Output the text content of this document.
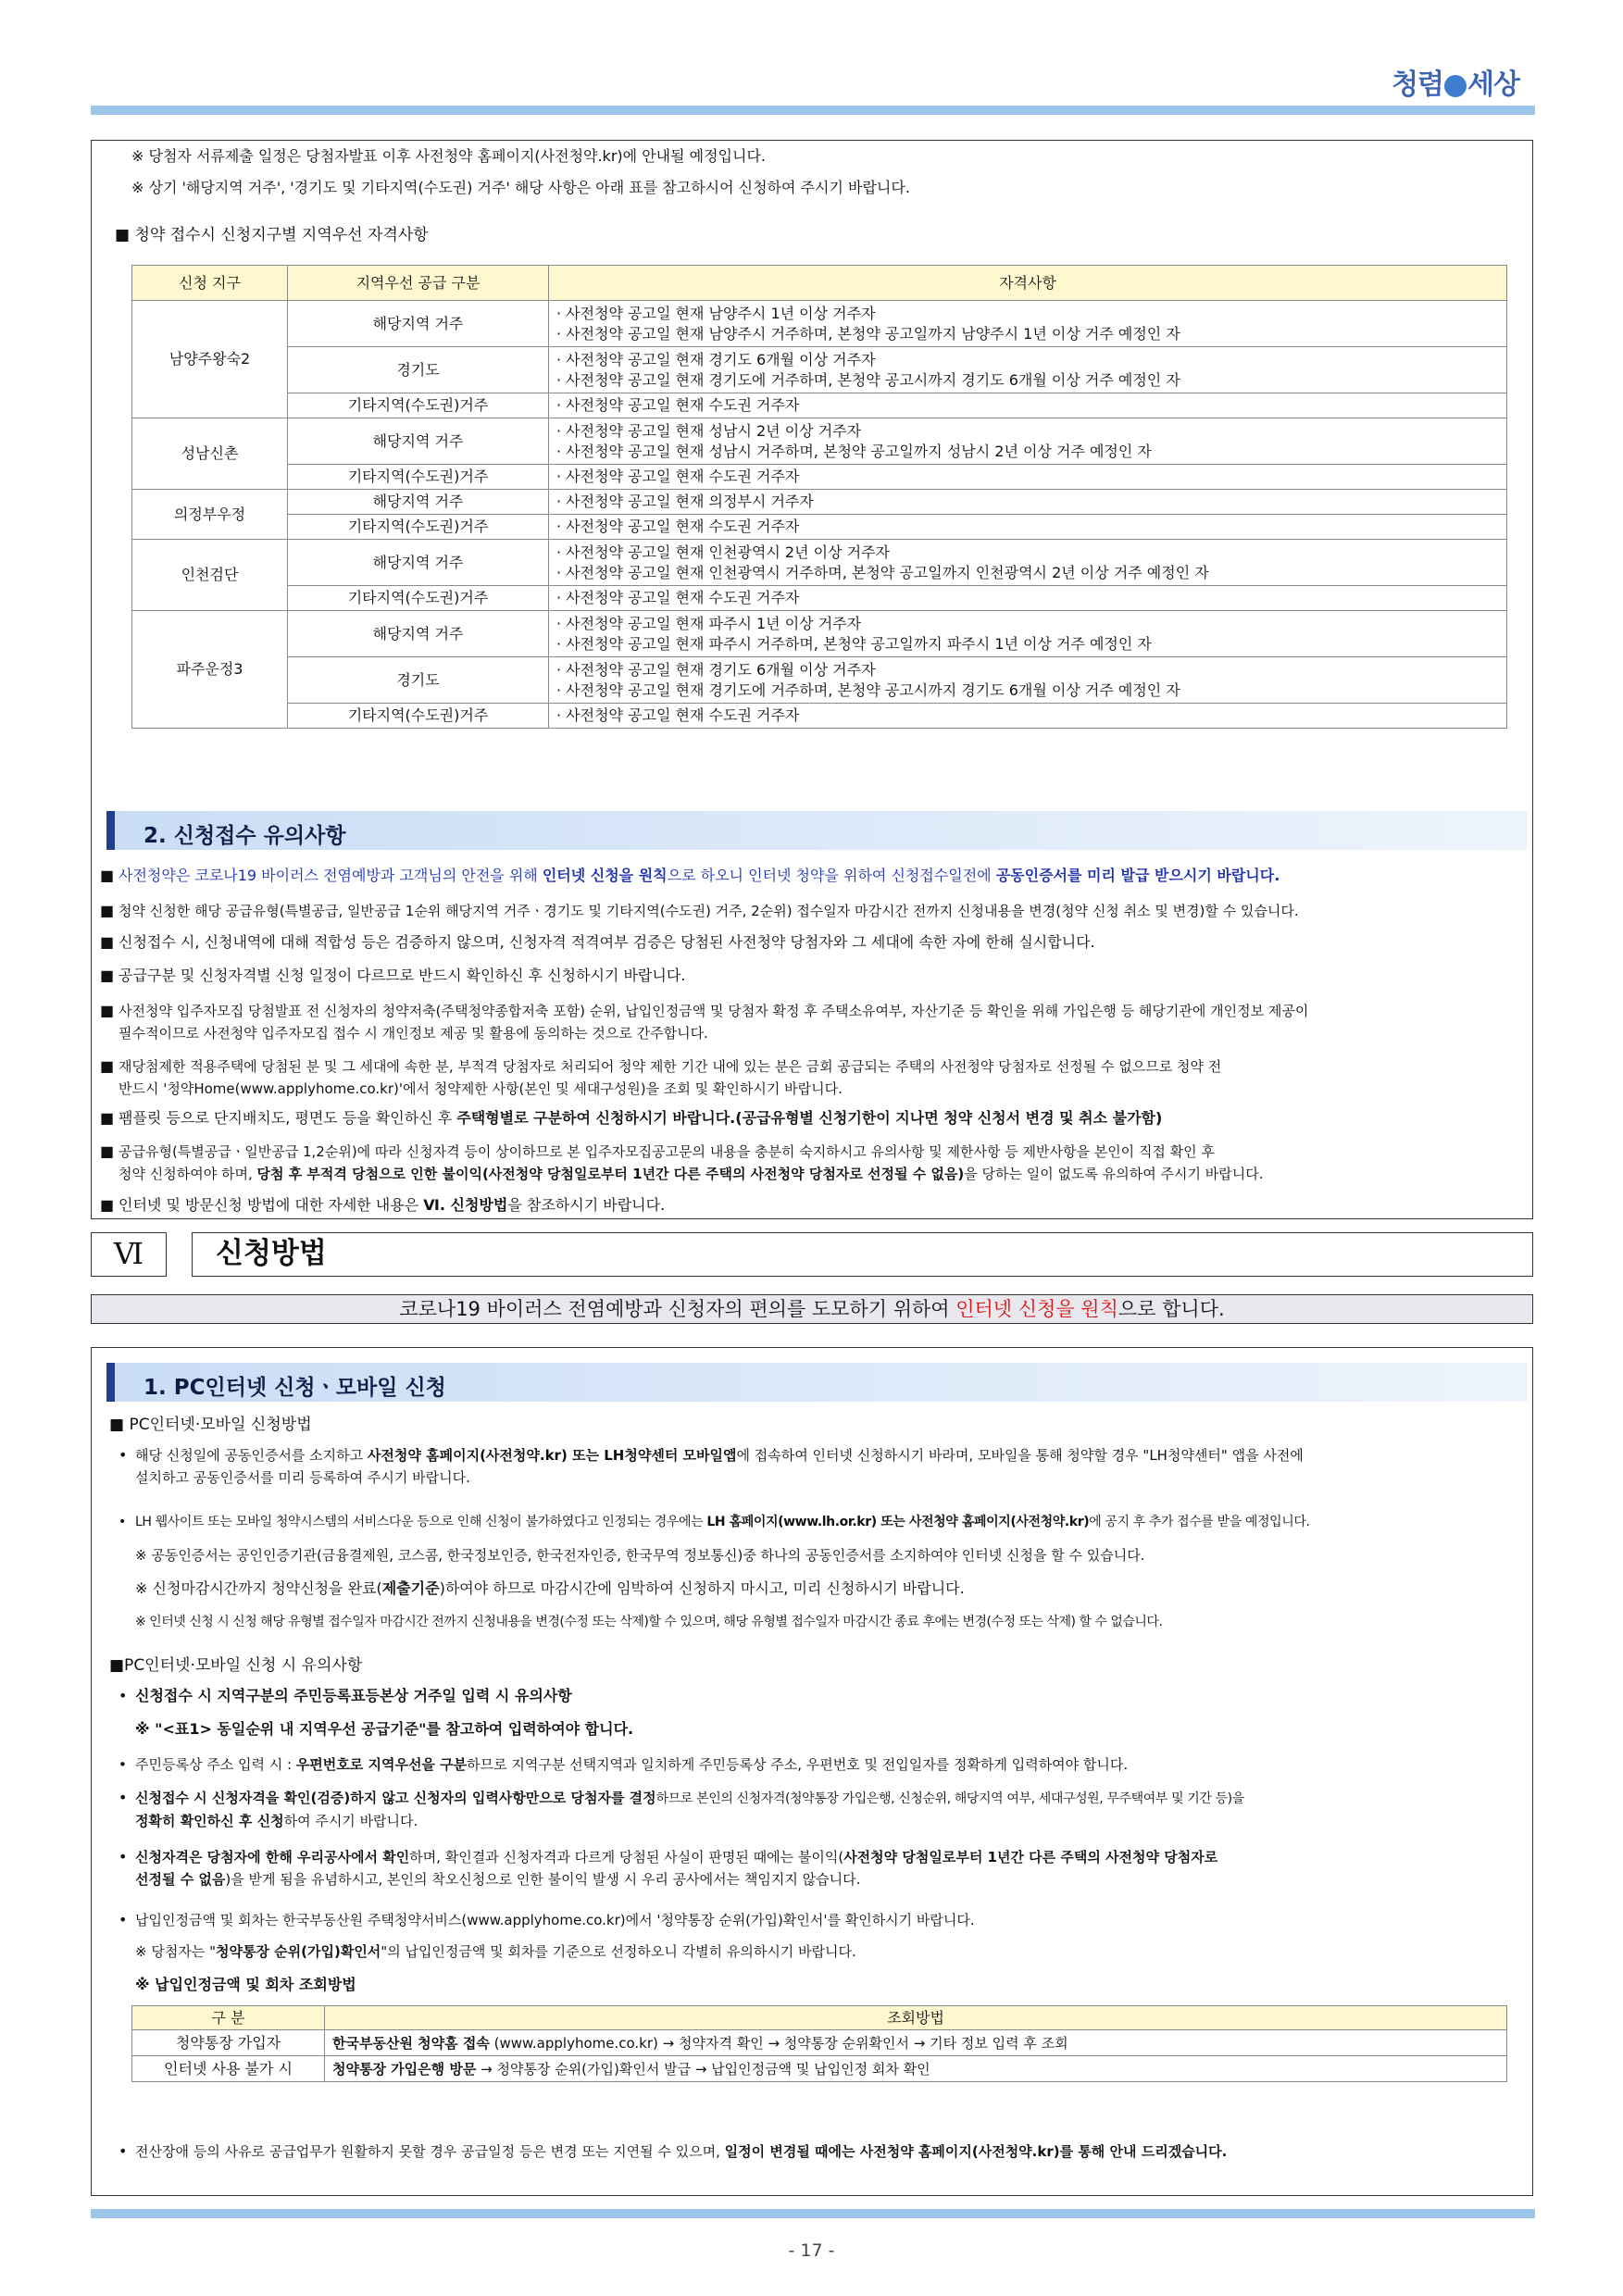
청렴 세상
※ 당첨자 서류제출 일정은 당첨자발표 이후 사전청약 홈페이지(사전청약.kr)에 안내될 예정입니다.
※ 상기 '해당지역 거주', '경기도 및 기타지역(수도권) 거주' 해당 사항은 아래 표를 참고하시어 신청하여 주시기 바랍니다.
■ 청약 접수시 신청지구별 지역우선 자격사항
신청 지구	지역우선 공급 구분	자격사항
남양주왕숙2	해당지역 거주	· 사전청약 공고일 현재 남양주시 1년 이상 거주자
· 사전청약 공고일 현재 남양주시 거주하며, 본청약 공고일까지 남양주시 1년 이상 거주 예정인 자

	경기도	· 사전청약 공고일 현재 경기도 6개월 이상 거주자
· 사전청약 공고일 현재 경기도에 거주하며, 본청약 공고시까지 경기도 6개월 이상 거주 예정인 자

	기타지역(수도권)거주	· 사전청약 공고일 현재 수도권 거주자

성남신촌	해당지역 거주	· 사전청약 공고일 현재 성남시 2년 이상 거주자
· 사전청약 공고일 현재 성남시 거주하며, 본청약 공고일까지 성남시 2년 이상 거주 예정인 자

	기타지역(수도권)거주	· 사전청약 공고일 현재 수도권 거주자

의정부우정	해당지역 거주	· 사전청약 공고일 현재 의정부시 거주자

	기타지역(수도권)거주	· 사전청약 공고일 현재 수도권 거주자

인천검단	해당지역 거주	· 사전청약 공고일 현재 인천광역시 2년 이상 거주자
· 사전청약 공고일 현재 인천광역시 거주하며, 본청약 공고일까지 인천광역시 2년 이상 거주 예정인 자

	기타지역(수도권)거주	· 사전청약 공고일 현재 수도권 거주자

파주운정3	해당지역 거주	· 사전청약 공고일 현재 파주시 1년 이상 거주자
· 사전청약 공고일 현재 파주시 거주하며, 본청약 공고일까지 파주시 1년 이상 거주 예정인 자

	경기도	· 사전청약 공고일 현재 경기도 6개월 이상 거주자
· 사전청약 공고일 현재 경기도에 거주하며, 본청약 공고시까지 경기도 6개월 이상 거주 예정인 자

	기타지역(수도권)거주	· 사전청약 공고일 현재 수도권 거주자
2. 신청접수 유의사항
■ 사전청약은 코로나19 바이러스 전염예방과 고객님의 안전을 위해 인터넷 신청을 원칙으로 하오니 인터넷 청약을 위하여 신청접수일전에 공동인증서를 미리 발급 받으시기 바랍니다.
■ 청약 신청한 해당 공급유형(특별공급, 일반공급 1순위 해당지역 거주ㆍ경기도 및 기타지역(수도권) 거주, 2순위) 접수일자 마감시간 전까지 신청내용을 변경(청약 신청 취소 및 변경)할 수 있습니다.
■ 신청접수 시, 신청내역에 대해 적합성 등은 검증하지 않으며, 신청자격 적격여부 검증은 당첨된 사전청약 당첨자와 그 세대에 속한 자에 한해 실시합니다.
■ 공급구분 및 신청자격별 신청 일정이 다르므로 반드시 확인하신 후 신청하시기 바랍니다.
■ 사전청약 입주자모집 당첨발표 전 신청자의 청약저축(주택청약종합저축 포함) 순위, 납입인정금액 및 당첨자 확정 후 주택소유여부, 자산기준 등 확인을 위해 가입은행 등 해당기관에 개인정보 제공이
필수적이므로 사전청약 입주자모집 접수 시 개인정보 제공 및 활용에 동의하는 것으로 간주합니다.
■ 재당첨제한 적용주택에 당첨된 분 및 그 세대에 속한 분, 부적격 당첨자로 처리되어 청약 제한 기간 내에 있는 분은 금회 공급되는 주택의 사전청약 당첨자로 선정될 수 없으므로 청약 전
반드시 '청약Home(www.applyhome.co.kr)'에서 청약제한 사항(본인 및 세대구성원)을 조회 및 확인하시기 바랍니다.
■ 팸플릿 등으로 단지배치도, 평면도 등을 확인하신 후 주택형별로 구분하여 신청하시기 바랍니다.(공급유형별 신청기한이 지나면 청약 신청서 변경 및 취소 불가함)
■ 공급유형(특별공급ㆍ일반공급 1,2순위)에 따라 신청자격 등이 상이하므로 본 입주자모집공고문의 내용을 충분히 숙지하시고 유의사항 및 제한사항 등 제반사항을 본인이 직접 확인 후
청약 신청하여야 하며, 당첨 후 부적격 당첨으로 인한 불이익(사전청약 당첨일로부터 1년간 다른 주택의 사전청약 당첨자로 선정될 수 없음)을 당하는 일이 없도록 유의하여 주시기 바랍니다.
■ 인터넷 및 방문신청 방법에 대한 자세한 내용은 Ⅵ. 신청방법을 참조하시기 바랍니다.
Ⅵ	신청방법
코로나19 바이러스 전염예방과 신청자의 편의를 도모하기 위하여 인터넷 신청을 원칙으로 합니다.
1. PC인터넷 신청ㆍ모바일 신청
■ PC인터넷·모바일 신청방법
• 해당 신청일에 공동인증서를 소지하고 사전청약 홈페이지(사전청약.kr) 또는 LH청약센터 모바일앱에 접속하여 인터넷 신청하시기 바라며, 모바일을 통해 청약할 경우 "LH청약센터" 앱을 사전에
설치하고 공동인증서를 미리 등록하여 주시기 바랍니다.
• LH 웹사이트 또는 모바일 청약시스템의 서비스다운 등으로 인해 신청이 불가하였다고 인정되는 경우에는 LH 홈페이지(www.lh.or.kr) 또는 사전청약 홈페이지(사전청약.kr)에 공지 후 추가 접수를 받을 예정입니다.
※ 공동인증서는 공인인증기관(금융결제원, 코스콤, 한국정보인증, 한국전자인증, 한국무역 정보통신)중 하나의 공동인증서를 소지하여야 인터넷 신청을 할 수 있습니다.
※ 신청마감시간까지 청약신청을 완료(제출기준)하여야 하므로 마감시간에 임박하여 신청하지 마시고, 미리 신청하시기 바랍니다.
※ 인터넷 신청 시 신청 해당 유형별 접수일자 마감시간 전까지 신청내용을 변경(수정 또는 삭제)할 수 있으며, 해당 유형별 접수일자 마감시간 종료 후에는 변경(수정 또는 삭제) 할 수 없습니다.
■PC인터넷·모바일 신청 시 유의사항
• 신청접수 시 지역구분의 주민등록표등본상 거주일 입력 시 유의사항
※ "<표1> 동일순위 내 지역우선 공급기준"를 참고하여 입력하여야 합니다.
• 주민등록상 주소 입력 시 : 우편번호로 지역우선을 구분하므로 지역구분 선택지역과 일치하게 주민등록상 주소, 우편번호 및 전입일자를 정확하게 입력하여야 합니다.
• 신청접수 시 신청자격을 확인(검증)하지 않고 신청자의 입력사항만으로 당첨자를 결정하므로 본인의 신청자격(청약통장 가입은행, 신청순위, 해당지역 여부, 세대구성원, 무주택여부 및 기간 등)을
정확히 확인하신 후 신청하여 주시기 바랍니다.
• 신청자격은 당첨자에 한해 우리공사에서 확인하며, 확인결과 신청자격과 다르게 당첨된 사실이 판명된 때에는 불이익(사전청약 당첨일로부터 1년간 다른 주택의 사전청약 당첨자로
선정될 수 없음)을 받게 됨을 유념하시고, 본인의 착오신청으로 인한 불이익 발생 시 우리 공사에서는 책임지지 않습니다.
• 납입인정금액 및 회차는 한국부동산원 주택청약서비스(www.applyhome.co.kr)에서 '청약통장 순위(가입)확인서'를 확인하시기 바랍니다.
※ 당첨자는 "청약통장 순위(가입)확인서"의 납입인정금액 및 회차를 기준으로 선정하오니 각별히 유의하시기 바랍니다.
※ 납입인정금액 및 회차 조회방법
구 분	조회방법
청약통장 가입자	한국부동산원 청약홈 접속 (www.applyhome.co.kr) → 청약자격 확인 → 청약통장 순위확인서 → 기타 정보 입력 후 조회
인터넷 사용 불가 시	청약통장 가입은행 방문 → 청약통장 순위(가입)확인서 발급 → 납입인정금액 및 납입인정 회차 확인
• 전산장애 등의 사유로 공급업무가 원활하지 못할 경우 공급일정 등은 변경 또는 지연될 수 있으며, 일정이 변경될 때에는 사전청약 홈페이지(사전청약.kr)를 통해 안내 드리겠습니다.
- 17 -
